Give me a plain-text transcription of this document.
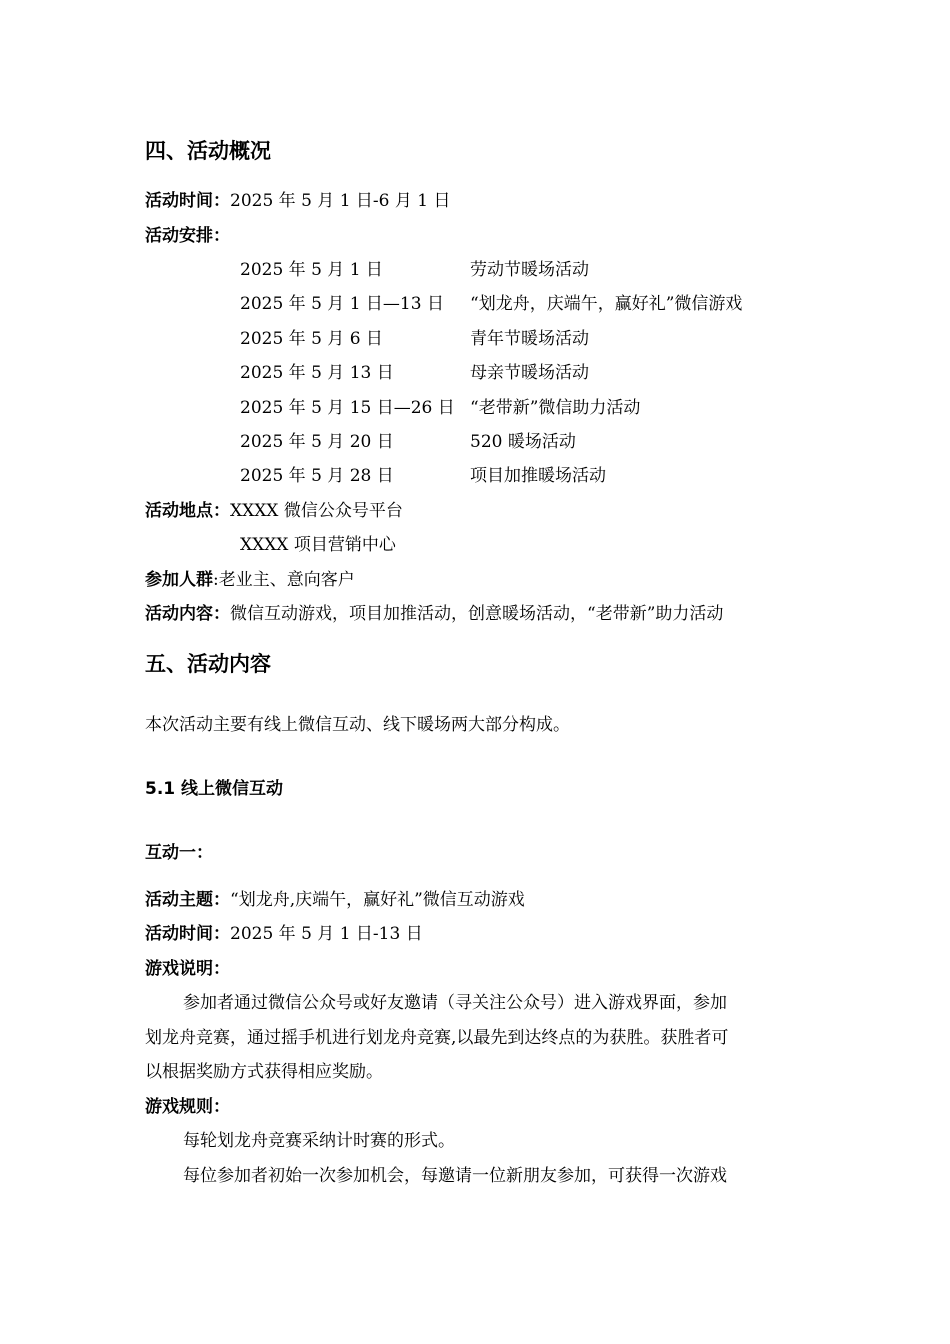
四、活动概况
活动时间： 2025 年 5 月 1 日-6 月 1 日
活动安排：
2025 年 5 月 1 日	劳动节暖场活动
2025 年 5 月 1 日—13 日 “划龙舟，庆端午，赢好礼”微信游戏
2025 年 5 月 6 日	青年节暖场活动
2025 年 5 月 13 日	母亲节暖场活动
2025 年 5 月 15 日—26 日 “老带新”微信助力活动
2025 年 5 月 20 日	520 暖场活动
2025 年 5 月 28 日	项目加推暖场活动
活动地点： XXXX 微信公众号平台
XXXX 项目营销中心
参加人群 :老业主、意向客户
活动内容： 微信互动游戏，项目加推活动，创意暖场活动，“老带新”助力活动
五、活动内容
本次活动主要有线上微信互动、线下暖场两大部分构成。
5.1 线上微信互动
互动一：
活动主题： “划龙舟,庆端午，赢好礼”微信互动游戏
活动时间： 2025 年 5 月 1 日-13 日
游戏说明：
参加者通过微信公众号或好友邀请（寻关注公众号）进入游戏界面，参加
划龙舟竞赛，通过摇手机进行划龙舟竞赛,以最先到达终点的为获胜。获胜者可
以根据奖励方式获得相应奖励。
游戏规则：
每轮划龙舟竞赛采纳计时赛的形式。
每位参加者初始一次参加机会，每邀请一位新朋友参加，可获得一次游戏
